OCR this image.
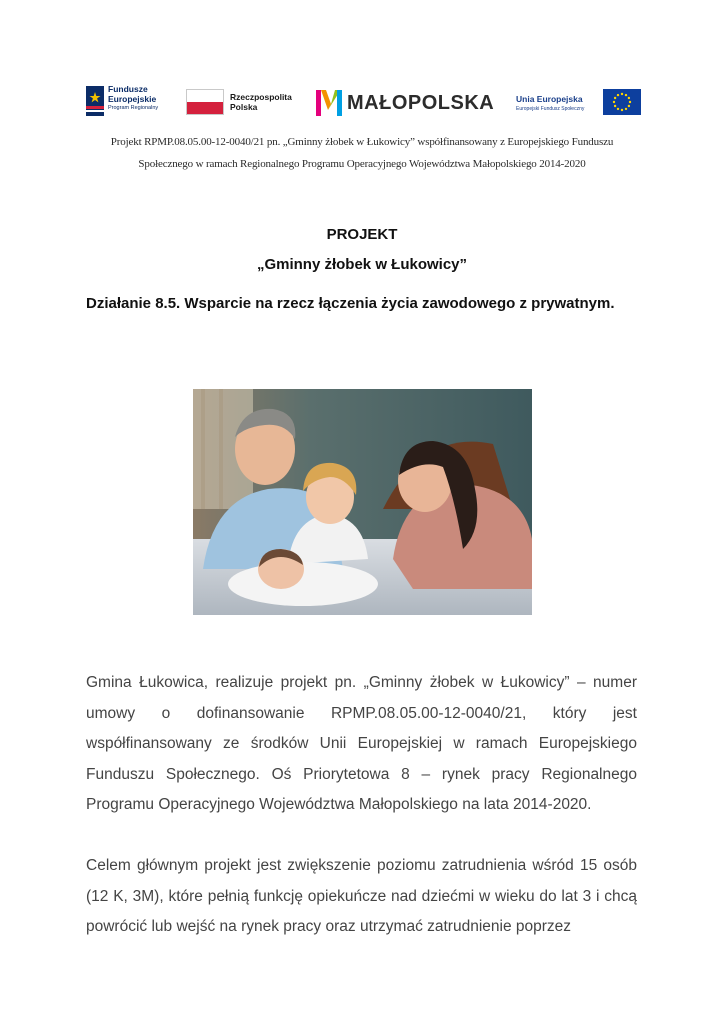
Fundusze
Europejskie
Program Regionalny
Rzeczpospolita
Polska	MAŁOPOLSKA	Unia Europejska
Europejski Fundusz Społeczny
Projekt RPMP.08.05.00-12-0040/21 pn. „Gminny żłobek w Łukowicy” współfinansowany z Europejskiego Funduszu
Społecznego w ramach Regionalnego Programu Operacyjnego Województwa Małopolskiego 2014-2020
PROJEKT
„Gminny żłobek w Łukowicy”
Działanie 8.5. Wsparcie na rzecz łączenia życia zawodowego z prywatnym.
Gmina Łukowica, realizuje projekt pn. „Gminny żłobek w Łukowicy” – numer umowy o dofinansowanie RPMP.08.05.00-12-0040/21, który jest współfinansowany ze środków Unii Europejskiej w ramach Europejskiego Funduszu Społecznego. Oś Priorytetowa 8 – rynek pracy Regionalnego Programu Operacyjnego Województwa Małopolskiego na lata 2014-2020.
Celem głównym projekt jest zwiększenie poziomu zatrudnienia wśród 15 osób (12 K, 3M), które pełnią funkcję opiekuńcze nad dziećmi w wieku do lat 3 i chcą powrócić lub wejść na rynek pracy oraz utrzymać zatrudnienie poprzez
